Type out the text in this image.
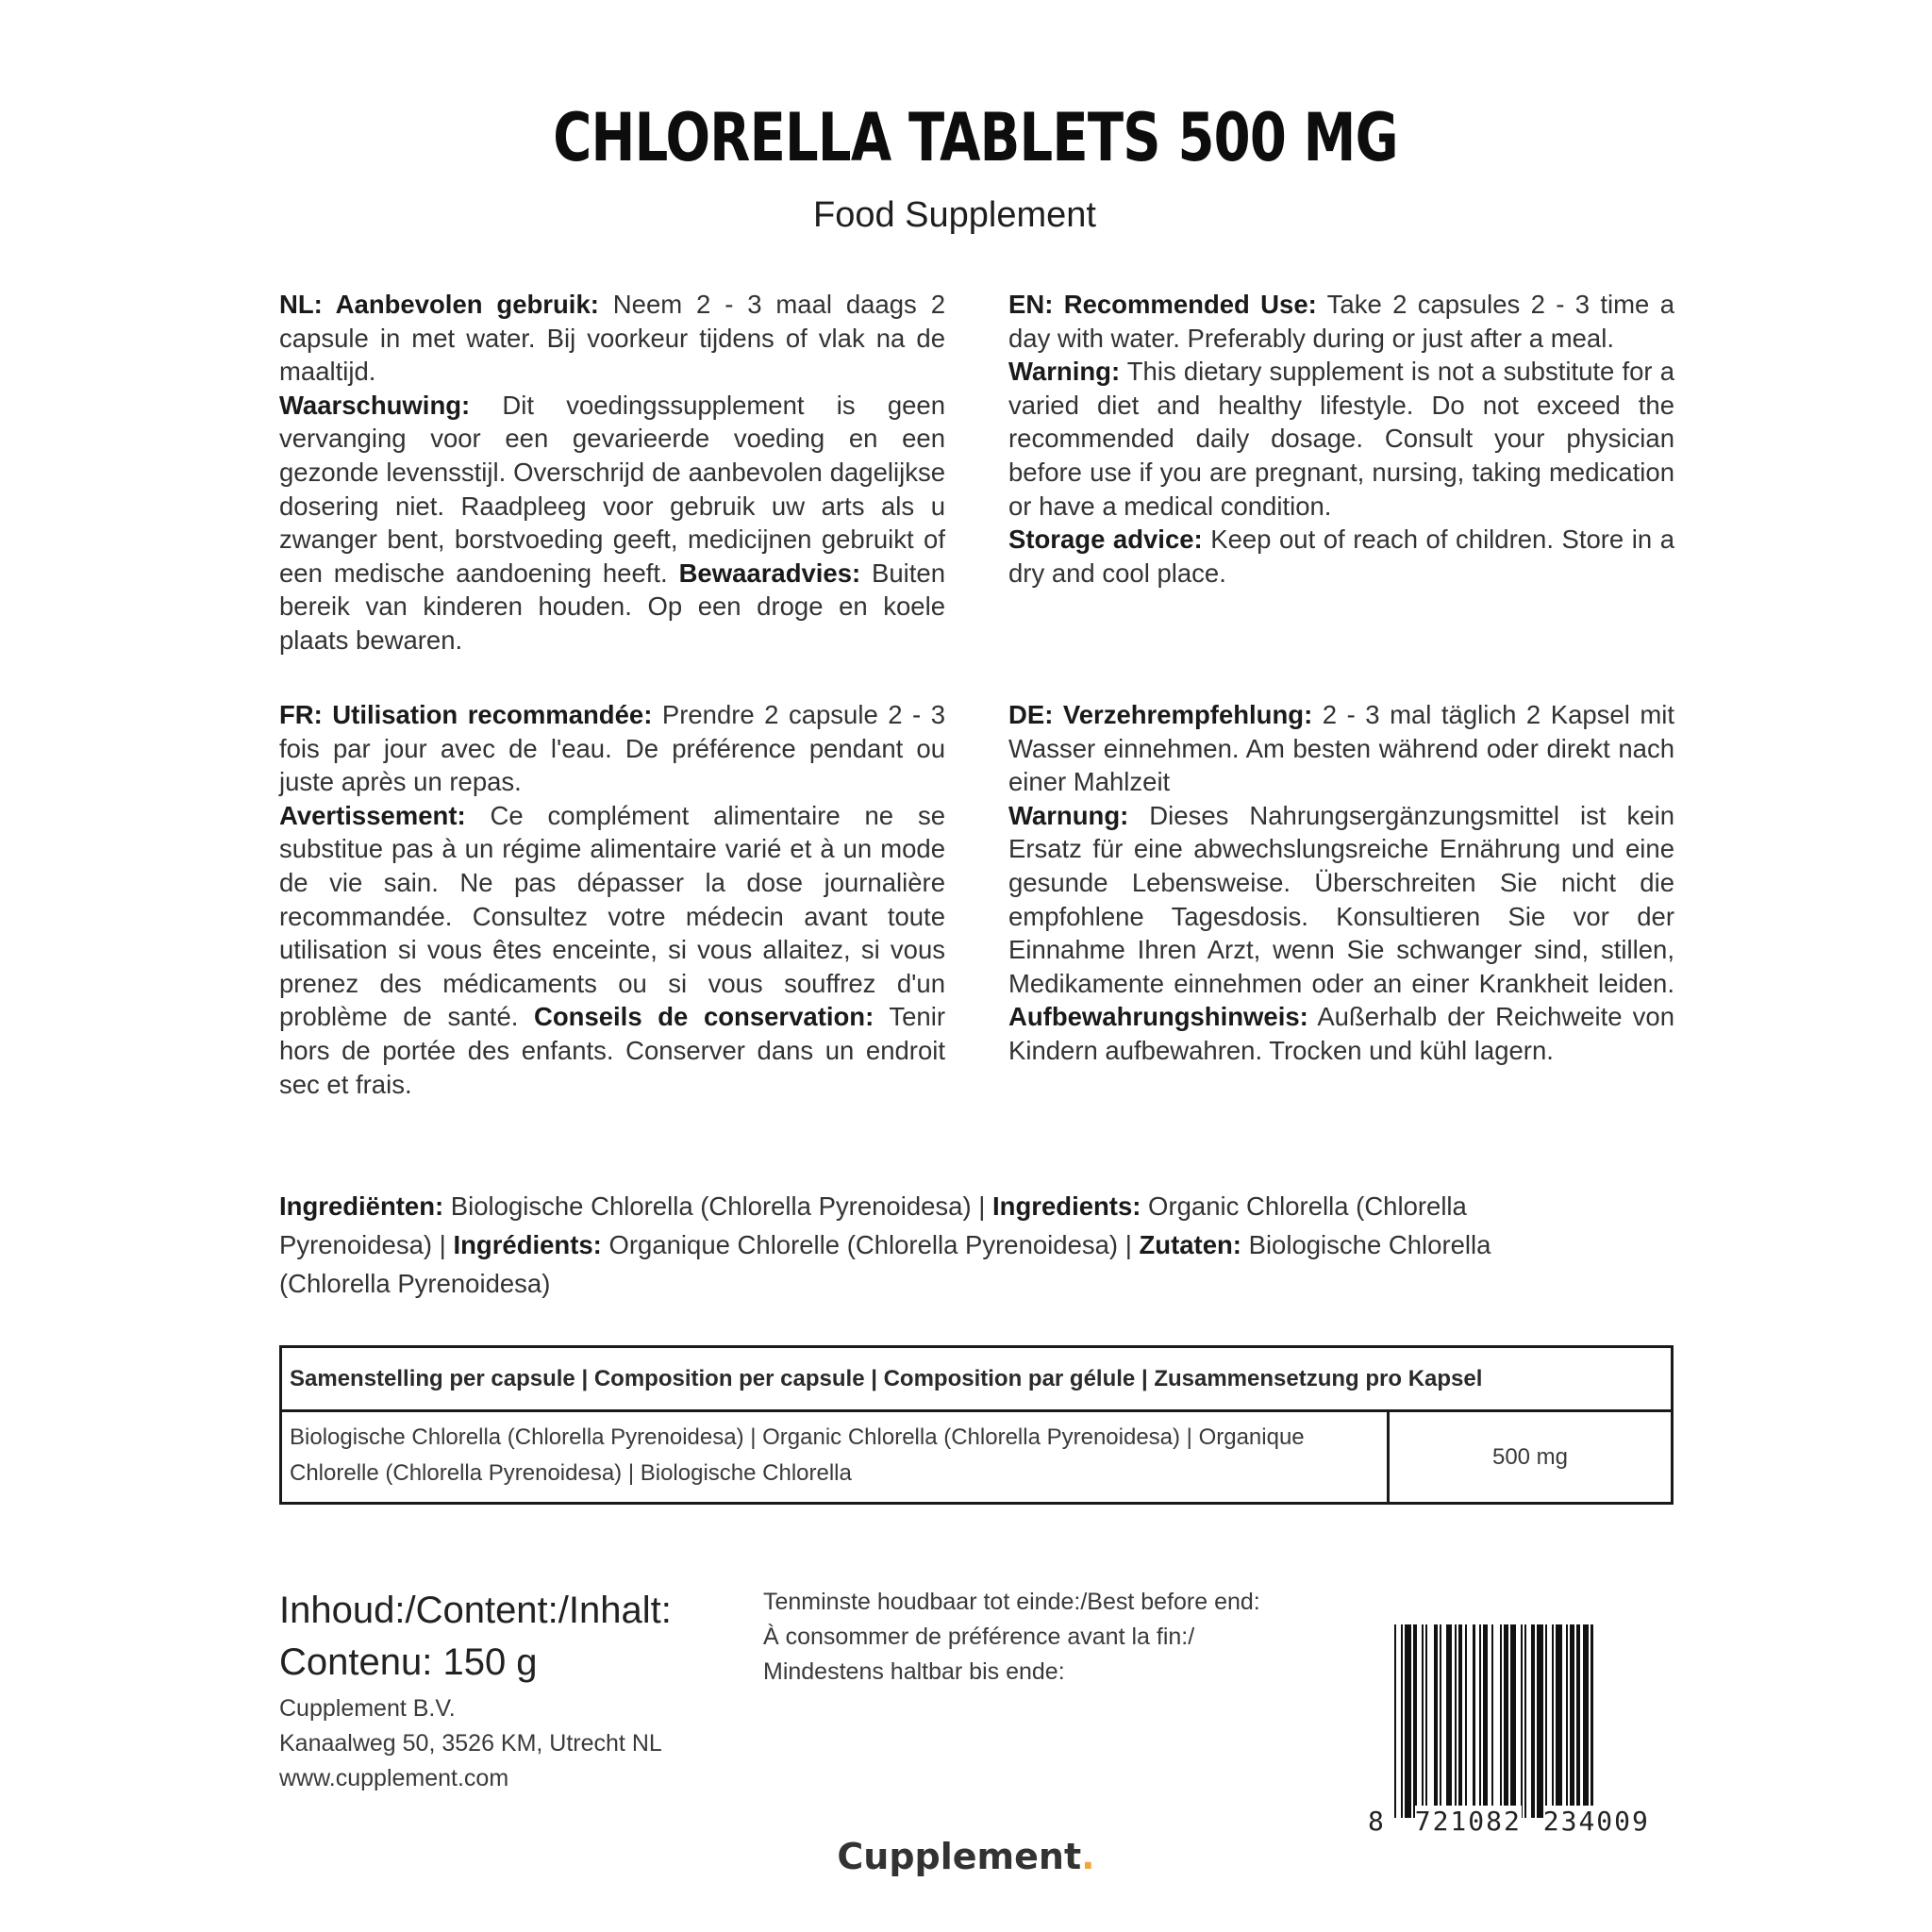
CHLORELLA TABLETS 500 MG
Food Supplement

NL: Aanbevolen gebruik: Neem 2 - 3 maal daags 2 capsule in met water. Bij voorkeur tijdens of vlak na de maaltijd.

Waarschuwing: Dit voedingssupplement is geen vervanging voor een gevarieerde voeding en een gezonde levensstijl. Overschrijd de aanbevolen dagelijkse dosering niet. Raadpleeg voor gebruik uw arts als u zwanger bent, borstvoeding geeft, medicijnen gebruikt of een medische aandoening heeft. Bewaaradvies: Buiten bereik van kinderen houden. Op een droge en koele plaats bewaren.

EN: Recommended Use: Take 2 capsules 2 - 3 time a day with water. Preferably during or just after a meal.

Warning: This dietary supplement is not a substitute for a varied diet and healthy lifestyle. Do not exceed the recommended daily dosage. Consult your physician before use if you are pregnant, nursing, taking medication or have a medical condition.

Storage advice: Keep out of reach of children. Store in a dry and cool place.

FR: Utilisation recommandée: Prendre 2 capsule 2 - 3 fois par jour avec de l'eau. De préférence pendant ou juste après un repas.

Avertissement: Ce complément alimentaire ne se substitue pas à un régime alimentaire varié et à un mode de vie sain. Ne pas dépasser la dose journalière recommandée. Consultez votre médecin avant toute utilisation si vous êtes enceinte, si vous allaitez, si vous prenez des médicaments ou si vous souffrez d'un problème de santé. Conseils de conservation: Tenir hors de portée des enfants. Conserver dans un endroit sec et frais.

DE: Verzehrempfehlung: 2 - 3 mal täglich 2 Kapsel mit Wasser einnehmen. Am besten während oder direkt nach einer Mahlzeit

Warnung: Dieses Nahrungsergänzungsmittel ist kein Ersatz für eine abwechslungsreiche Ernährung und eine gesunde Lebensweise. Überschreiten Sie nicht die empfohlene Tagesdosis. Konsultieren Sie vor der Einnahme Ihren Arzt, wenn Sie schwanger sind, stillen, Medikamente einnehmen oder an einer Krankheit leiden. Aufbewahrungshinweis: Außerhalb der Reichweite von Kindern aufbewahren. Trocken und kühl lagern.

Ingrediënten: Biologische Chlorella (Chlorella Pyrenoidesa) | Ingredients: Organic Chlorella (Chlorella Pyrenoidesa) | Ingrédients: Organique Chlorelle (Chlorella Pyrenoidesa) | Zutaten: Biologische Chlorella (Chlorella Pyrenoidesa)
Samenstelling per capsule | Composition per capsule | Composition par gélule | Zusammensetzung pro Kapsel
Biologische Chlorella (Chlorella Pyrenoidesa) | Organic Chlorella (Chlorella Pyrenoidesa) | Organique Chlorelle (Chlorella Pyrenoidesa) | Biologische Chlorella
500 mg
Inhoud:/Content:/Inhalt:
Contenu: 150 g
Cupplement B.V.
Kanaalweg 50, 3526 KM, Utrecht NL
www.cupplement.com
Tenminste houdbaar tot einde:/Best before end:
À consommer de préférence avant la fin:/
Mindestens haltbar bis ende:
8 721082 234009
Cupplement.
